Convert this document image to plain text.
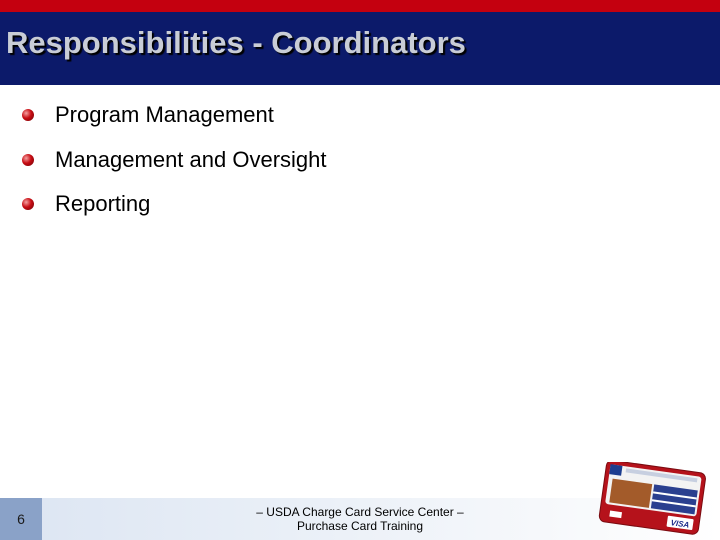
Responsibilities - Coordinators
Program Management
Management and Oversight
Reporting
6	– USDA Charge Card Service Center –
Purchase Card Training	VISA
